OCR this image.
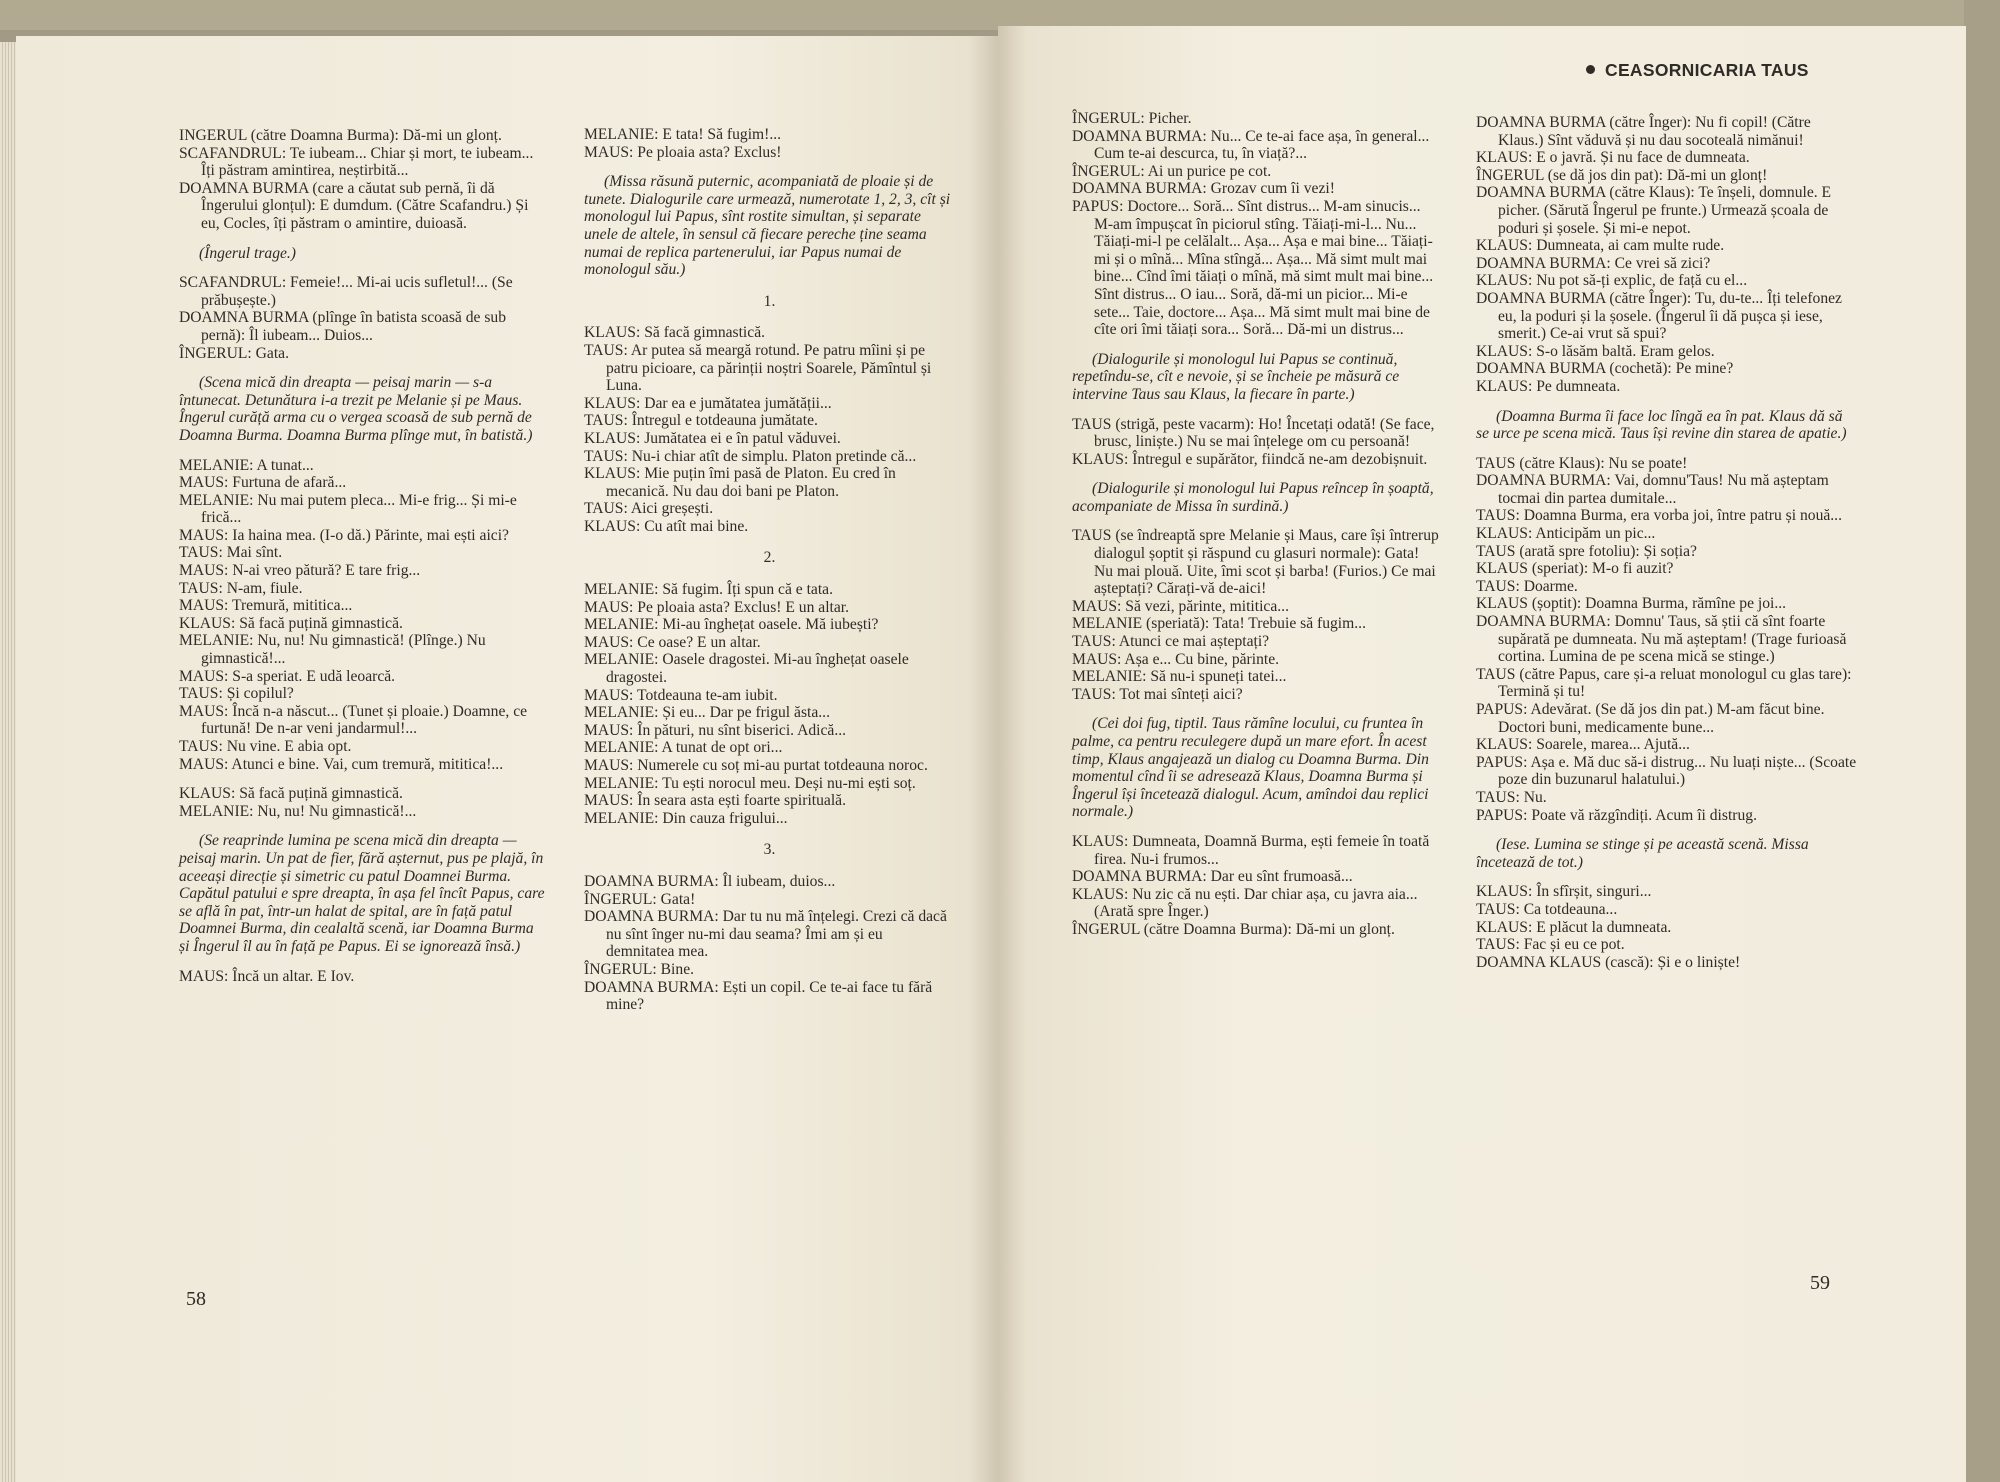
INGERUL (către Doamna Burma): Dă-mi un glonț.

SCAFANDRUL: Te iubeam... Chiar și mort, te iubeam... Îți păstram amintirea, neștirbită...

DOAMNA BURMA (care a căutat sub pernă, îi dă Îngerului glonțul): E dumdum. (Către Scafandru.) Și eu, Cocles, îți păstram o amintire, duioasă.

(Îngerul trage.)

SCAFANDRUL: Femeie!... Mi-ai ucis sufletul!... (Se prăbușește.)

DOAMNA BURMA (plînge în batista scoasă de sub pernă): Îl iubeam... Duios...

ÎNGERUL: Gata.

(Scena mică din dreapta — peisaj marin — s-a întunecat. Detunătura i-a trezit pe Melanie și pe Maus. Îngerul curăță arma cu o vergea scoasă de sub pernă de Doamna Burma. Doamna Burma plînge mut, în batistă.)

MELANIE: A tunat...

MAUS: Furtuna de afară...

MELANIE: Nu mai putem pleca... Mi-e frig... Și mi-e frică...

MAUS: Ia haina mea. (I-o dă.) Părinte, mai ești aici?

TAUS: Mai sînt.

MAUS: N-ai vreo pătură? E tare frig...

TAUS: N-am, fiule.

MAUS: Tremură, mititica...

KLAUS: Să facă puțină gimnastică.

MELANIE: Nu, nu! Nu gimnastică! (Plînge.) Nu gimnastică!...

MAUS: S-a speriat. E udă leoarcă.

TAUS: Și copilul?

MAUS: Încă n-a născut... (Tunet și ploaie.) Doamne, ce furtună! De n-ar veni jandarmul!...

TAUS: Nu vine. E abia opt.

MAUS: Atunci e bine. Vai, cum tremură, mititica!...

KLAUS: Să facă puțină gimnastică.

MELANIE: Nu, nu! Nu gimnastică!...

(Se reaprinde lumina pe scena mică din dreapta — peisaj marin. Un pat de fier, fără așternut, pus pe plajă, în aceeași direcție și simetric cu patul Doamnei Burma. Capătul patului e spre dreapta, în așa fel încît Papus, care se află în pat, într-un halat de spital, are în față patul Doamnei Burma, din cealaltă scenă, iar Doamna Burma și Îngerul îl au în față pe Papus. Ei se ignorează însă.)

MAUS: Încă un altar. E Iov.

MELANIE: E tata! Să fugim!...

MAUS: Pe ploaia asta? Exclus!

(Missa răsună puternic, acompaniată de ploaie și de tunete. Dialogurile care urmează, numerotate 1, 2, 3, cît și monologul lui Papus, sînt rostite simultan, și separate unele de altele, în sensul că fiecare pereche ține seama numai de replica partenerului, iar Papus numai de monologul său.)

1.

KLAUS: Să facă gimnastică.

TAUS: Ar putea să meargă rotund. Pe patru mîini și pe patru picioare, ca părinții noștri Soarele, Pămîntul și Luna.

KLAUS: Dar ea e jumătatea jumătății...

TAUS: Întregul e totdeauna jumătate.

KLAUS: Jumătatea ei e în patul văduvei.

TAUS: Nu-i chiar atît de simplu. Platon pretinde că...

KLAUS: Mie puțin îmi pasă de Platon. Eu cred în mecanică. Nu dau doi bani pe Platon.

TAUS: Aici greșești.

KLAUS: Cu atît mai bine.

2.

MELANIE: Să fugim. Îți spun că e tata.

MAUS: Pe ploaia asta? Exclus! E un altar.

MELANIE: Mi-au înghețat oasele. Mă iubești?

MAUS: Ce oase? E un altar.

MELANIE: Oasele dragostei. Mi-au înghețat oasele dragostei.

MAUS: Totdeauna te-am iubit.

MELANIE: Și eu... Dar pe frigul ăsta...

MAUS: În pături, nu sînt biserici. Adică...

MELANIE: A tunat de opt ori...

MAUS: Numerele cu soț mi-au purtat totdeauna noroc.

MELANIE: Tu ești norocul meu. Deși nu-mi ești soț.

MAUS: În seara asta ești foarte spirituală.

MELANIE: Din cauza frigului...

3.

DOAMNA BURMA: Îl iubeam, duios...

ÎNGERUL: Gata!

DOAMNA BURMA: Dar tu nu mă înțelegi. Crezi că dacă nu sînt înger nu-mi dau seama? Îmi am și eu demnitatea mea.

ÎNGERUL: Bine.

DOAMNA BURMA: Ești un copil. Ce te-ai face tu fără mine?

58
CEASORNICARIA TAUS

ÎNGERUL: Picher.

DOAMNA BURMA: Nu... Ce te-ai face așa, în general... Cum te-ai descurca, tu, în viață?...

ÎNGERUL: Ai un purice pe cot.

DOAMNA BURMA: Grozav cum îi vezi!

PAPUS: Doctore... Soră... Sînt distrus... M-am sinucis... M-am împușcat în piciorul stîng. Tăiați-mi-l... Nu... Tăiați-mi-l pe celălalt... Așa... Așa e mai bine... Tăiați-mi și o mînă... Mîna stîngă... Așa... Mă simt mult mai bine... Cînd îmi tăiați o mînă, mă simt mult mai bine... Sînt distrus... O iau... Soră, dă-mi un picior... Mi-e sete... Taie, doctore... Așa... Mă simt mult mai bine de cîte ori îmi tăiați sora... Soră... Dă-mi un distrus...

(Dialogurile și monologul lui Papus se continuă, repetîndu-se, cît e nevoie, și se încheie pe măsură ce intervine Taus sau Klaus, la fiecare în parte.)

TAUS (strigă, peste vacarm): Ho! Încetați odată! (Se face, brusc, liniște.) Nu se mai înțelege om cu persoană!

KLAUS: Întregul e supărător, fiindcă ne-am dezobișnuit.

(Dialogurile și monologul lui Papus reîncep în șoaptă, acompaniate de Missa în surdină.)

TAUS (se îndreaptă spre Melanie și Maus, care își întrerup dialogul șoptit și răspund cu glasuri normale): Gata! Nu mai plouă. Uite, îmi scot și barba! (Furios.) Ce mai așteptați? Cărați-vă de-aici!

MAUS: Să vezi, părinte, mititica...

MELANIE (speriată): Tata! Trebuie să fugim...

TAUS: Atunci ce mai așteptați?

MAUS: Așa e... Cu bine, părinte.

MELANIE: Să nu-i spuneți tatei...

TAUS: Tot mai sînteți aici?

(Cei doi fug, tiptil. Taus rămîne locului, cu fruntea în palme, ca pentru reculegere după un mare efort. În acest timp, Klaus angajează un dialog cu Doamna Burma. Din momentul cînd îi se adresează Klaus, Doamna Burma și Îngerul își încetează dialogul. Acum, amîndoi dau replici normale.)

KLAUS: Dumneata, Doamnă Burma, ești femeie în toată firea. Nu-i frumos...

DOAMNA BURMA: Dar eu sînt frumoasă...

KLAUS: Nu zic că nu ești. Dar chiar așa, cu javra aia... (Arată spre Înger.)

ÎNGERUL (către Doamna Burma): Dă-mi un glonț.

DOAMNA BURMA (către Înger): Nu fi copil! (Către Klaus.) Sînt văduvă și nu dau socoteală nimănui!

KLAUS: E o javră. Și nu face de dumneata.

ÎNGERUL (se dă jos din pat): Dă-mi un glonț!

DOAMNA BURMA (către Klaus): Te înșeli, domnule. E picher. (Sărută Îngerul pe frunte.) Urmează școala de poduri și șosele. Și mi-e nepot.

KLAUS: Dumneata, ai cam multe rude.

DOAMNA BURMA: Ce vrei să zici?

KLAUS: Nu pot să-ți explic, de față cu el...

DOAMNA BURMA (către Înger): Tu, du-te... Îți telefonez eu, la poduri și la șosele. (Îngerul îi dă pușca și iese, smerit.) Ce-ai vrut să spui?

KLAUS: S-o lăsăm baltă. Eram gelos.

DOAMNA BURMA (cochetă): Pe mine?

KLAUS: Pe dumneata.

(Doamna Burma îi face loc lîngă ea în pat. Klaus dă să se urce pe scena mică. Taus își revine din starea de apatie.)

TAUS (către Klaus): Nu se poate!

DOAMNA BURMA: Vai, domnu'Taus! Nu mă așteptam tocmai din partea dumitale...

TAUS: Doamna Burma, era vorba joi, între patru și nouă...

KLAUS: Anticipăm un pic...

TAUS (arată spre fotoliu): Și soția?

KLAUS (speriat): M-o fi auzit?

TAUS: Doarme.

KLAUS (șoptit): Doamna Burma, rămîne pe joi...

DOAMNA BURMA: Domnu' Taus, să știi că sînt foarte supărată pe dumneata. Nu mă așteptam! (Trage furioasă cortina. Lumina de pe scena mică se stinge.)

TAUS (către Papus, care și-a reluat monologul cu glas tare): Termină și tu!

PAPUS: Adevărat. (Se dă jos din pat.) M-am făcut bine. Doctori buni, medicamente bune...

KLAUS: Soarele, marea... Ajută...

PAPUS: Așa e. Mă duc să-i distrug... Nu luați niște... (Scoate poze din buzunarul halatului.)

TAUS: Nu.

PAPUS: Poate vă răzgîndiți. Acum îi distrug.

(Iese. Lumina se stinge și pe această scenă. Missa încetează de tot.)

KLAUS: În sfîrșit, singuri...

TAUS: Ca totdeauna...

KLAUS: E plăcut la dumneata.

TAUS: Fac și eu ce pot.

DOAMNA KLAUS (cască): Și e o liniște!

59
